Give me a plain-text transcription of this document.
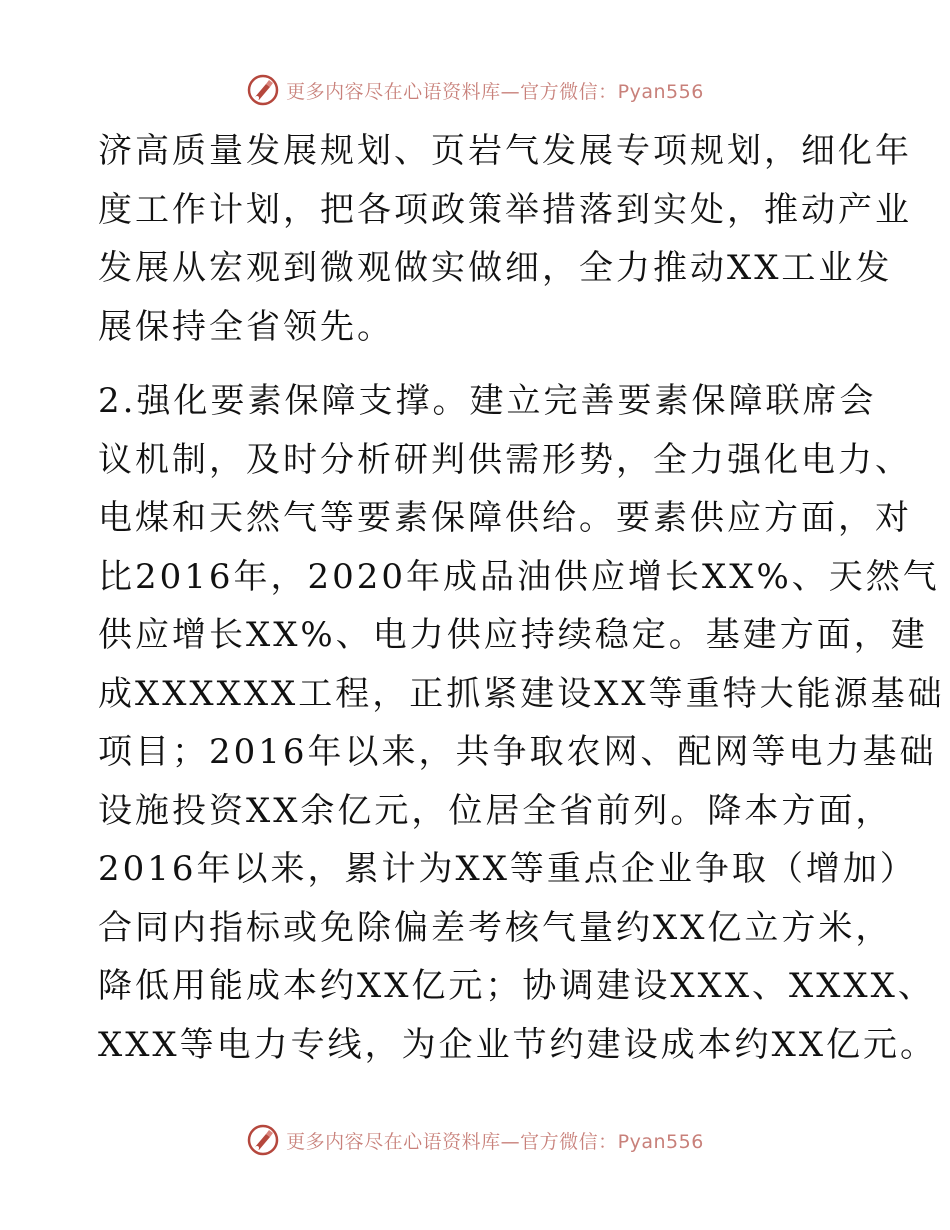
更多内容尽在心语资料库—官方微信：Pyan556

济高质量发展规划、页岩气发展专项规划，细化年
度工作计划，把各项政策举措落到实处，推动产业
发展从宏观到微观做实做细，全力推动XX工业发
展保持全省领先。

2.强化要素保障支撑。建立完善要素保障联席会
议机制，及时分析研判供需形势，全力强化电力、
电煤和天然气等要素保障供给。要素供应方面，对
比2016年，2020年成品油供应增长XX%、天然气
供应增长XX%、电力供应持续稳定。基建方面，建
成XXXXXX工程，正抓紧建设XX等重特大能源基础
项目；2016年以来，共争取农网、配网等电力基础
设施投资XX余亿元，位居全省前列。降本方面，
2016年以来，累计为XX等重点企业争取（增加）
合同内指标或免除偏差考核气量约XX亿立方米，
降低用能成本约XX亿元；协调建设XXX、XXXX、
XXX等电力专线，为企业节约建设成本约XX亿元。

更多内容尽在心语资料库—官方微信：Pyan556
